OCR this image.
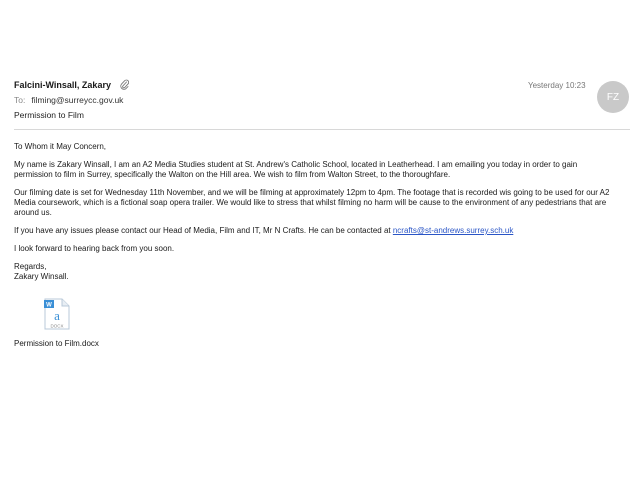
Falcini-Winsall, Zakary
To: filming@surreycc.gov.uk
Permission to Film
Yesterday 10:23
FZ

To Whom it May Concern,

My name is Zakary Winsall, I am an A2 Media Studies student at St. Andrew's Catholic School, located in Leatherhead. I am emailing you today in order to gain permission to film in Surrey, specifically the Walton on the Hill area. We wish to film from Walton Street, to the thoroughfare.

Our filming date is set for Wednesday 11th November, and we will be filming at approximately 12pm to 4pm. The footage that is recorded wis going to be used for our A2 Media coursework, which is a fictional soap opera trailer. We would like to stress that whilst filming no harm will be cause to the environment of any pedestrians that are around us.

If you have any issues please contact our Head of Media, Film and IT, Mr N Crafts. He can be contacted at ncrafts@st-andrews.surrey.sch.uk

I look forward to hearing back from you soon.

Regards,
Zakary Winsall.
W
a
DOCX
Permission to Film.docx
